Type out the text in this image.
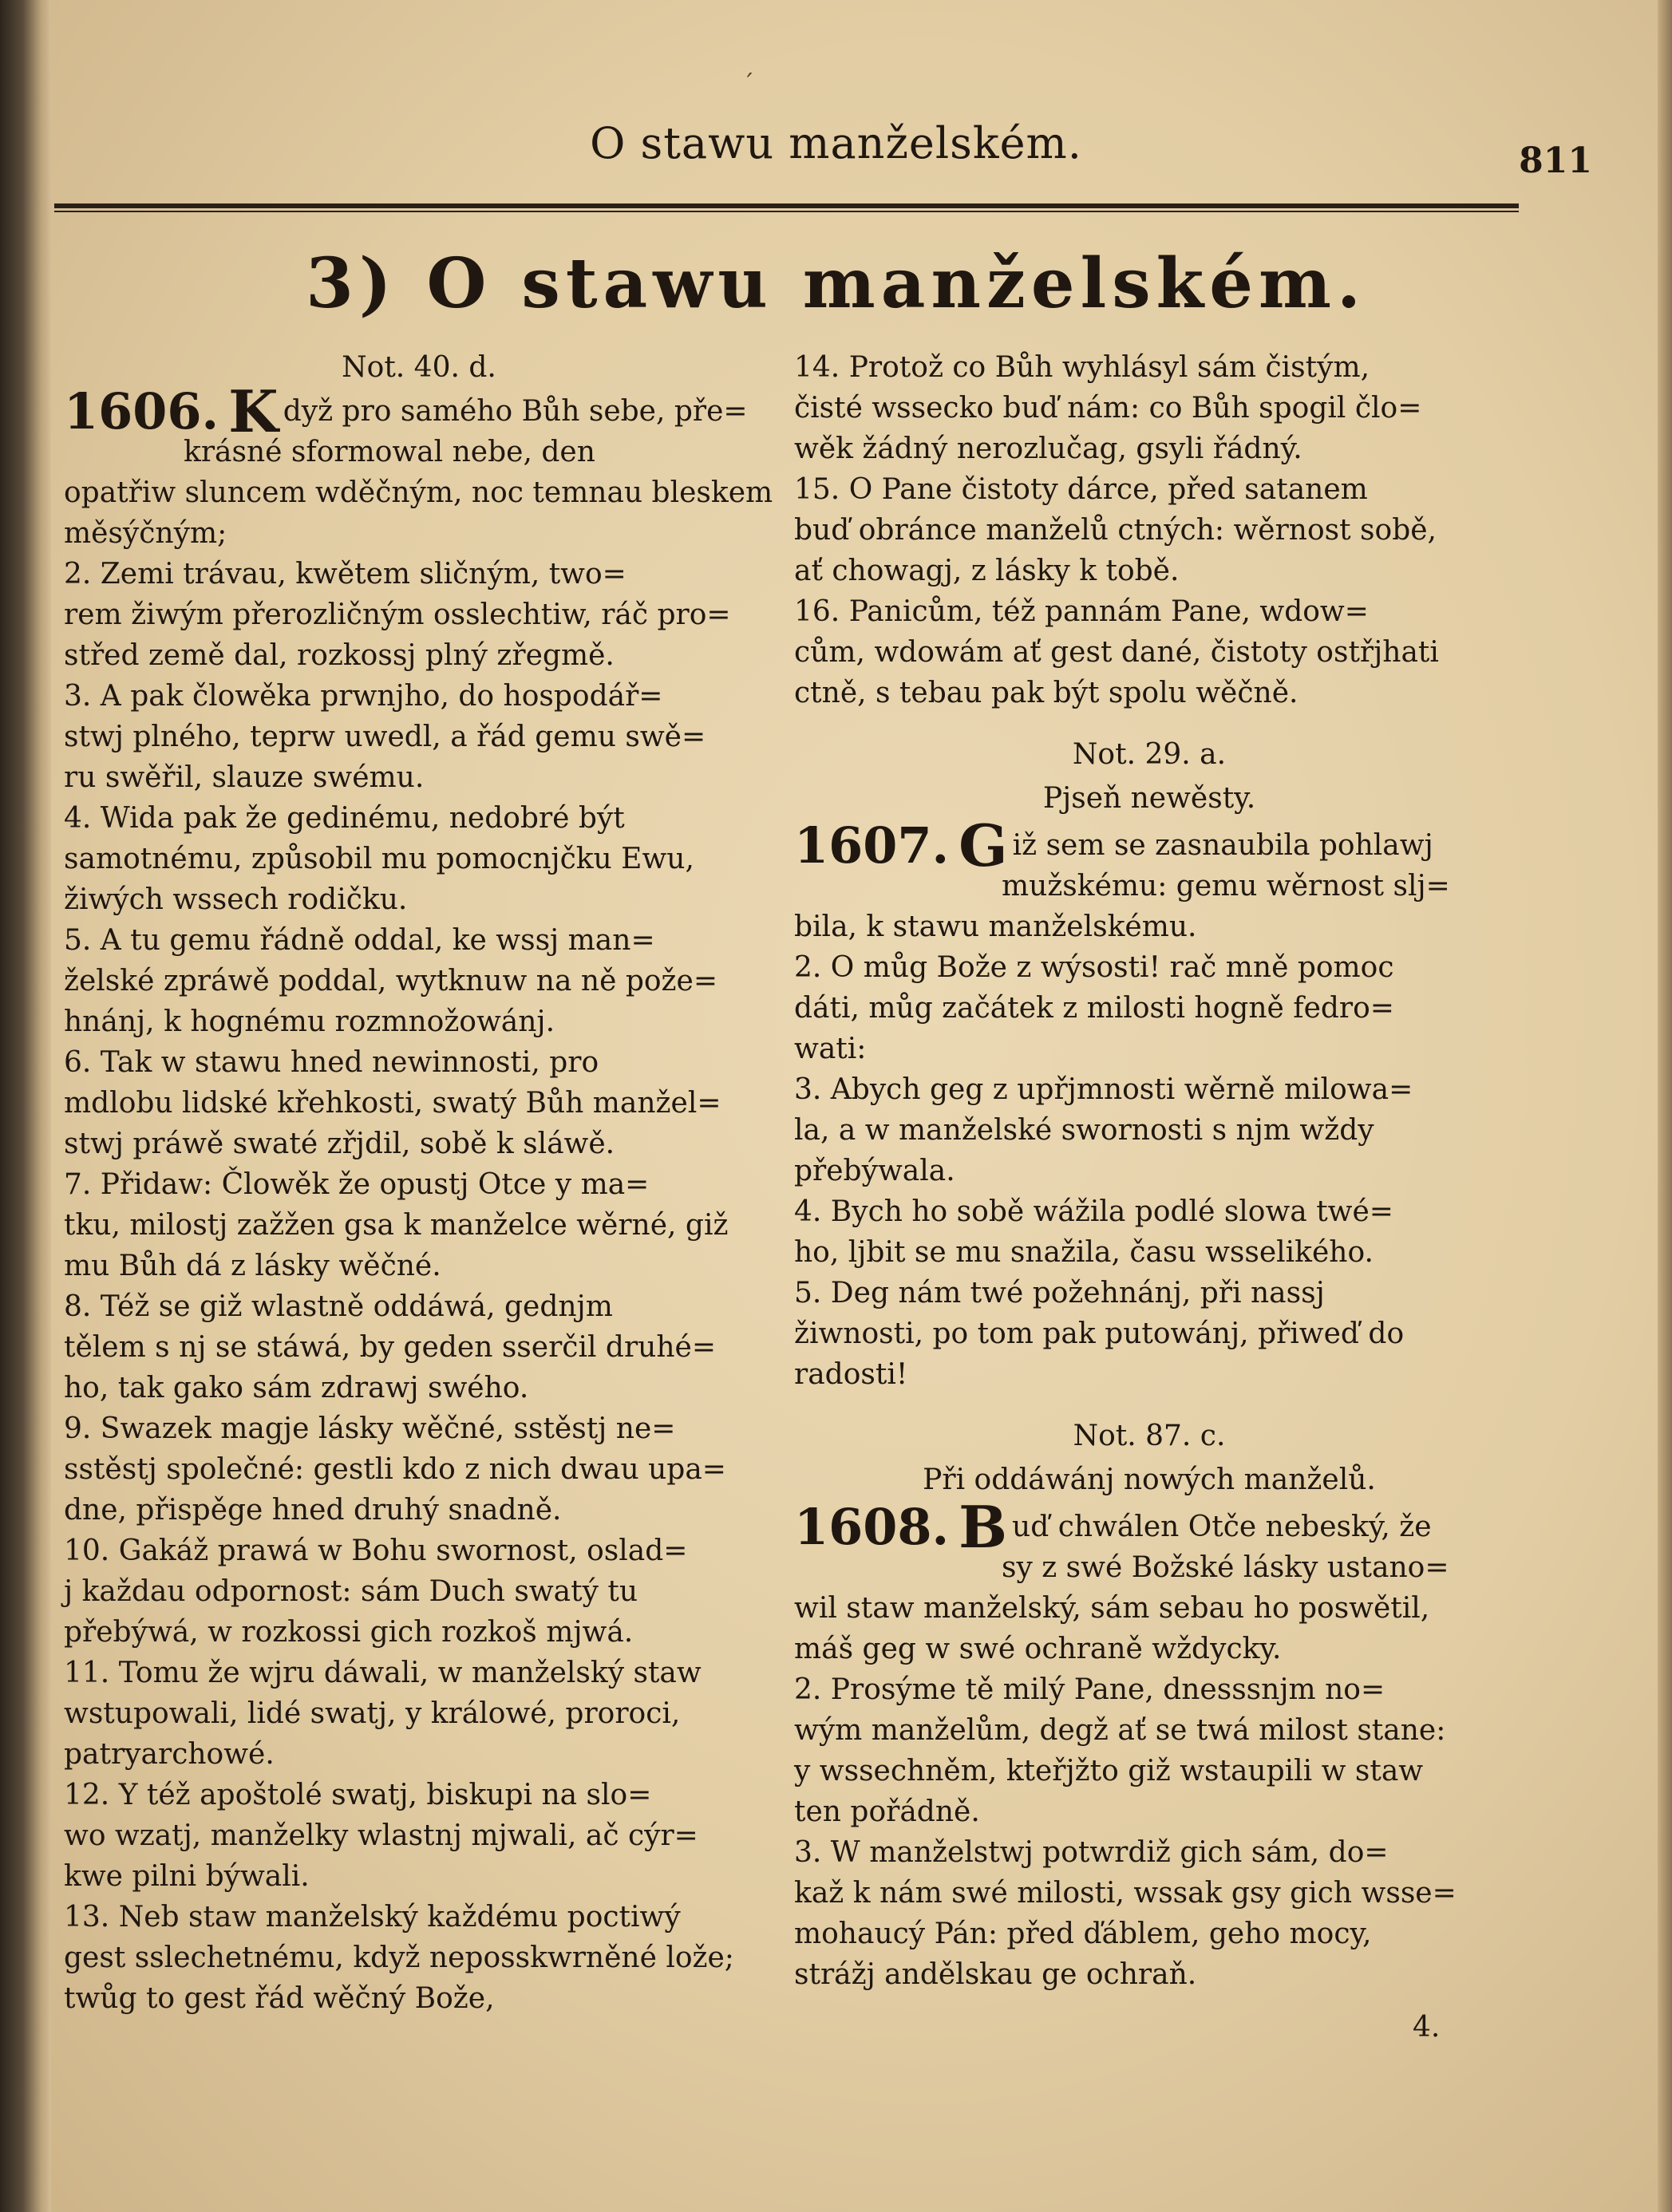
ˊ
O stawu manželském.	811
3) O stawu manželském.
Not. 40. d.
1606. K dyž pro samého Bůh sebe, pře=
krásné sformowal nebe, den
opatřiw sluncem wděčným, noc temnau bleskem
měsýčným;
2. Zemi trávau, kwětem sličným, two=
rem žiwým přerozličným osslechtiw, ráč pro=
střed země dal, rozkossj plný zřegmě.
3. A pak člowěka prwnjho, do hospodář=
stwj plného, teprw uwedl, a řád gemu swě=
ru swěřil, slauze swému.
4. Wida pak že gedinému, nedobré být
samotnému, způsobil mu pomocnjčku Ewu,
žiwých wssech rodičku.
5. A tu gemu řádně oddal, ke wssj man=
želské zpráwě poddal, wytknuw na ně pože=
hnánj, k hognému rozmnožowánj.
6. Tak w stawu hned newinnosti, pro
mdlobu lidské křehkosti, swatý Bůh manžel=
stwj práwě swaté zřjdil, sobě k sláwě.
7. Přidaw: Člowěk že opustj Otce y ma=
tku, milostj zažžen gsa k manželce wěrné, giž
mu Bůh dá z lásky wěčné.
8. Též se giž wlastně oddáwá, gednjm
tělem s nj se stáwá, by geden sserčil druhé=
ho, tak gako sám zdrawj swého.
9. Swazek magje lásky wěčné, sstěstj ne=
sstěstj společné: gestli kdo z nich dwau upa=
dne, přispěge hned druhý snadně.
10. Gakáž prawá w Bohu swornost, oslad=
j každau odpornost: sám Duch swatý tu
přebýwá, w rozkossi gich rozkoš mjwá.
11. Tomu že wjru dáwali, w manželský staw
wstupowali, lidé swatj, y králowé, proroci,
patryarchowé.
12. Y též apoštolé swatj, biskupi na slo=
wo wzatj, manželky wlastnj mjwali, ač cýr=
kwe pilni býwali.
13. Neb staw manželský každému poctiwý
gest sslechetnému, když neposskwrněné lože;
twůg to gest řád wěčný Bože,
14. Protož co Bůh wyhlásyl sám čistým,
čisté wssecko buď nám: co Bůh spogil člo=
wěk žádný nerozlučag, gsyli řádný.
15. O Pane čistoty dárce, před satanem
buď obránce manželů ctných: wěrnost sobě,
ať chowagj, z lásky k tobě.
16. Panicům, též pannám Pane, wdow=
cům, wdowám ať gest dané, čistoty ostřjhati
ctně, s tebau pak být spolu wěčně.
Not. 29. a.
Pjseň newěsty.
1607. G iž sem se zasnaubila pohlawj
mužskému: gemu wěrnost slj=
bila, k stawu manželskému.
2. O můg Bože z wýsosti! rač mně pomoc
dáti, můg začátek z milosti hogně fedro=
wati:
3. Abych geg z upřjmnosti wěrně milowa=
la, a w manželské swornosti s njm wždy
přebýwala.
4. Bych ho sobě wážila podlé slowa twé=
ho, ljbit se mu snažila, času wsselikého.
5. Deg nám twé požehnánj, při nassj
žiwnosti, po tom pak putowánj, přiweď do
radosti!
Not. 87. c.
Při oddáwánj nowých manželů.
1608. B uď chwálen Otče nebeský, že
sy z swé Božské lásky ustano=
wil staw manželský, sám sebau ho poswětil,
máš geg w swé ochraně wždycky.
2. Prosýme tě milý Pane, dnesssnjm no=
wým manželům, degž ať se twá milost stane:
y wssechněm, kteřjžto giž wstaupili w staw
ten pořádně.
3. W manželstwj potwrdiž gich sám, do=
kaž k nám swé milosti, wssak gsy gich wsse=
mohaucý Pán: před ďáblem, geho mocy,
strážj andělskau ge ochraň.
4.
